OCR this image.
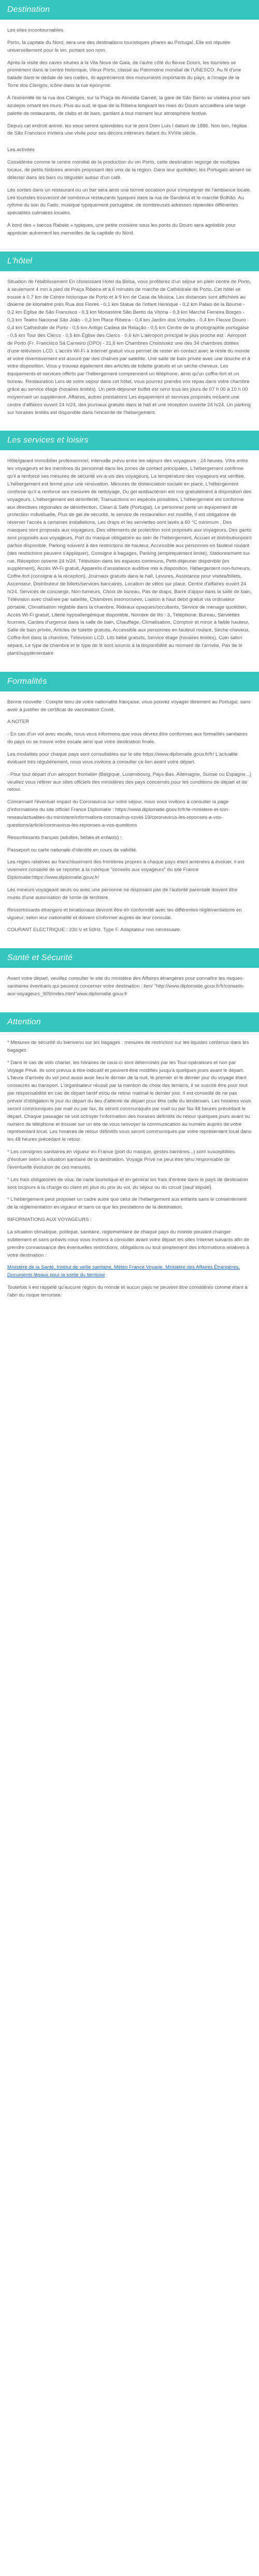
Destination

Les sites incontournables

Porto, la capitale du Nord, sera une des destinations touristiques phares au Portugal. Elle est réputée universellement pour le vin, portant son nom.

Après la visite des caves situées à la Vila Nova de Gaia, de l'autre côté du fleuve Douro, les touristes se promènent dans le centre historique, Vieux Porto, classé au Patrimoine mondial de l'UNESCO. Au fil d'une balade dans le dédale de ses ruelles, ils apprécieront des monuments importants du pays, à l'image de la Torre dos Clérigos, icône dans la rue éponyme.

À l'extrémité de la rua dos Clérigos, sur la Praça de Almeida Garrett, la gare de São Bento se visitera pour ses azulejos ornant les murs. Plus au sud, le quai de la Ribeira longeant les rives du Douro accueillera une large palette de restaurants, de clubs et de bars, gardant à tout moment leur atmosphère festive.

Depuis cet endroit animé, les vous seront splendides sur le pont Dom Luís I datant de 1886. Non loin, l'église de São Francisco invitera une visite pour ses décors intérieurs datant du XVIIIe siècle.

Les activités

Considérée comme le centre mondial de la production du vin Porto, cette destination regorge de multiples locaux, de petits histoires animés proposant des vins de la région. Dans leur quotidien, les Portugais aiment se délecter dans les bars ou déguster autour d'un café.

Les sorties dans un restaurant ou un bar sera ainsi une bonne occasion pour s'imprégner de l'ambiance locale. Les touristes trouveront de nombreux restaurants typiques dans la rua de Sandeira et le marché Bolhão. Au rythme du son du Fado, musique typiquement portugaise, de nombreuses adresses répandes différentes spécialités culinaires locales.

À bord des « barcos Rabelo » typiques, une petite croisière sous les ponts du Douro sera agréable pour apprécier autrement les merveilles de la capitale du Nord.

L'hôtel

Situation de l'établissement En choisissant Hotel da Bolsa, vous profiterez d'un séjour en plein centre de Porto, à seulement 4 min à pied de Praça Ribeira et à 6 minutes de marche de Cathédrale de Porto. Cet hôtel se trouve à 0,7 km de Centre historique de Porto et à 9 km de Casa da Musica. Les distances sont affichées au dixième de kilomètre près Rua dos Flores - 0,1 km Statue de l'infant Henrique - 0,2 km Palais de la Bourse - 0,2 km Église de São Francisco - 0,3 km Monastère São Bento da Vitória - 0,3 km Marché Ferreira Borges - 0,3 km Teatro Nacional São João - 0,3 km Place Ribeira - 0,4 km Jardim dos Virtudes - 0,4 km Fleuve Douro - 0,4 km Cathédrale de Porto - 0,5 km Antigo Cadeia da Relação - 0,5 km Centre de la photographie portugaise - 0,5 km Tour des Clercs - 0,5 km Église des Clercs - 0,6 km L'aéroport principal le plus proche est : Aéroport de Porto (Fr. Francisco Sá Carneiro (OPO) - 21,6 km Chambres Choisissez une des 34 chambres dotées d'une télévision LCD. L'accès Wi-Fi à Internet gratuit vous permet de rester en contact avec le reste du monde et votre divertissement est assuré par des chaînes par satellite. Une salle de bain privée avec une douche et à votre disposition. Vous y trouvez également des articles de toilette gratuits et un sèche-cheveux. Les équipements et services offerts par l'hébergement comprennent un téléphone, ainsi qu'un coffre-fort et un bureau. Restauration Lors de votre séjour dans cet hôtel, vous pourrez prendre vos repas dans votre chambre grâce au service étage (horaires limités). Un petit-déjeuner buffet est servi tous les jours de 07 h 00 à 10 h 00 moyennant un supplément. Affaires, autres prestations Les équipement et services proposés incluent une centre d'affaires ouvert 24 h/24, des journaux gratuits dans le hall et une réception ouverte 24 h/24. Un parking sur horaires limités est disponible dans l'enceinte de l'hébergement.

Les services et loisirs

Hôte/garant immobilier professionnel, intervalle prévu entre les séjours des voyageurs : 24 heures. Vitre entre les voyageurs et les membres du personnel dans les zones de contact principales, L'hébergement confirme qu'il a renforcé ses mesures de sécurité vis-à-vis des voyageurs, La température des voyageurs est vérifiée, L'hébergement est fermé pour une rénovation. Mesures de distanciation sociale en place, L'hébergement confirme qu'il a renforcé ses mesures de nettoyage, Du gel antibactérien est mis gratuitement à disposition des voyageurs, L'hébergement est désinfecté, Transactions en espèces possibles, L'hébergement est conforme aux directives régionales de désinfection, Clean & Safe (Portugal), Le personnel porte un équipement de protection individuelle, Plus de gel de sécurité, le service de restauration est modifié, Il est obligatoire de réserver l'accès à certaines installations, Les draps et les serviettes sont lavés à 60 °C minimum , Des masques sont proposés aux voyageurs, Des vêtements de protection sont proposés aux voyageurs, Des gants sont proposés aux voyageurs, Port du masque obligatoire au sein de l'hébergement, Accueil et distributionpoint parfois disponible, Parking souvent à des restrictions de hauteur, Accessible aux personnes en fauteuil roulant (des restrictions peuvent s'appliquer), Consigne à bagages, Parking (empiriquement limité), Stationnement sur rue, Réception ouverte 24 h/24, Télévision dans les espaces communs, Petit-déjeuner disponible (en supplément), Accès Wi-Fi gratuit, Appareils d'assistance auditive mis à disposition, Hébergement non-fumeurs, Coffre-fort (consigne à la réception), Journaux gratuits dans le hall, Levures, Assistance pour visites/billets, Ascenseur, Distributeur de billets/services bancaires, Location de vélos sur place, Centre d'affaires ouvert 24 h/24, Services de concierge, Non-fumeurs, Choix de bureau, Pas de draps, Barre d'appui dans la salle de bain, Télévision avec chaînes par satellite, Chambres insonorisées, Liaison à haut débit gratuit via ordinateur portable, Climatisation réglable dans la chambre, Rideaux opaques/occultants, Service de ménage quotidien, Accès Wi-Fi gratuit, Literie hypoallergénique disponible, Nombre de lits : 3, Téléphone, Bureau, Serviettes fournies, Cardes d'urgence dans la salle de bain, Chauffage, Climatisation, Comptoir et miroir à faible hauteur, Salle de bain privée, Articles de toilette gratuits, Accessible aux personnes en fauteuil roulant, Sèche-cheveux, Coffre-fort dans la chambre, Télévision LCD, Lits bébé gratuits, Service étage (horaires limités), Coin salon séparé, Le type de chambre et le type de lit sont soumis à la disponibilité au moment de l'arrivée, Pas de lit plant/supplémentaire

Formalités

Bonne nouvelle : Compte tenu de votre nationalité française, vous pouvez voyager librement au Portugal, sans avoir à justifier de certificat de vaccination Covid.

A NOTER

- En cas d'un vol avec escale, nous vous informons que vous devrez être conformes aux formalités sanitaires du pays où se trouve votre escale ainsi que votre destination finale.

Les modalités pour chaque pays sont consultables sur le site https://www.diplomatie.gouv.fr/fr/ L'actualité évoluant très régulièrement, nous vous invitons à consulter ce lien avant votre départ.

- Pour tout départ d'un aéroport frontalier (Belgique, Luxembourg, Pays-Bas, Allemagne, Suisse ou Espagne...) veuillez vous référer aux sites officiels des ministères des pays concernés pour les conditions de départ et de retour.

Concernant l'éventuel impact du Coronavirus sur votre séjour, nous vous invitons à consulter la page d'informations du site officiel France Diplomatie : https://www.diplomatie.gouv.fr/fr/le-ministere-et-son-reseau/actualites-du-ministere/informations-coronavirus-covid-19/coronavirus-les-reponses-a-vos-questions/article/coronavirus-les-reponses-a-vos-questions

Ressortissants français (adultes, bébés et enfants) :

Passeport ou carte nationale d'identité en cours de validité.

Les règles relatives au franchissement des frontières propres à chaque pays étant amenées à évoluer, il est vivement conseillé de se reporter à la rubrique "conseils aux voyageurs" du site France Diplomatie:https://www.diplomatie.gouv.fr/

Les mineurs voyageant seuls ou avec une personne ne disposant pas de l'autorité parentale doivent être munis d'une autorisation de sortie de territoire.

Ressortissants étrangers et binationaux devront être en conformité avec les différentes réglementations en vigueur, selon leur nationalité et doivent s'informer auprès de leur consulat.

COURANT ELECTRIQUE : 230 V et 50Hz. Type F. Adaptateur non nécessaire.

Santé et Sécurité

Avant votre départ, veuillez consulter le site du ministère des Affaires étrangères pour connaître les risques sanitaires éventuels qui peuvent concerner votre destination : lien/ "http://www.diplomatie.gouv.fr/fr/conseils-aux-voyageurs_909/index.html"www.diplomatie.gouv.fr

Attention

* Mesures de sécurité du bienvenu sur les bagages : mesures de restriction sur les liquides contenus dans les bagages

* Dans le cas de vols charter, les horaires de ceux-ci sont déterminés par les Tour-opérateurs et non par Voyage Privé. Ils sont prévus à titre indicatif et peuvent être modifiés jusqu'à quelques jours avant le départ. L'heure d'arrivée du vol peut aussi avoir lieu le dernier de la nuit, le premier et le dernier jour du voyage étant consacrés au transport. L'organisateur réussit par la mention de choix des terrains, il se suscité être pour tout par responsabilité en cas de départ tardif et/ou de retour matinal le dernier jour. Il est conseillé de ne pas prévoir d'obligation le jour du départ du lieu d'attente de départ pour être celle du lendemain. Les horaires vous seront communiqués par mail ou par fax, ils seront communiqués par mail ou par fax 48 heures précédant le départ. Chaque passager se voit octroyer l'information des horaires définitifs du retour quelques jours avant ou numéro de téléphone et trouver sur un site de vous renvoyer la communication au numéro auprès de votre représentant local. Les horaires de retour définitifs vous seront communiqués par votre représentant local dans les 48 heures précédant le retour.

* Les consignes sanitaires en vigueur en France (port du masque, gestes barrières...) sont susceptibles d'évoluer selon la situation sanitaire de la destination. Voyage Privé ne peut être tenu responsable de l'éventuelle évolution de ces mesures.

* Les frais obligatoires de visa, de carte touristique et en général les frais d'entrée dans le pays de destination sont toujours à la charge du client en plus du prix du vol, du séjour ou du circuit (sauf stipulé).

* L'hébergement peut proposer un cadre autre que celui de l'hébergement aux enfants sans le consentement de la réglementation en vigueur et sans ce que les prestations de la destination.

INFORMATIONS AUX VOYAGEURS :

La situation climatique, politique, sanitaire, réglementaire de chaque pays du monde pouvant changer subitement et sans préavis nous vous invitons à consulter avant votre départ les sites Internet suivants afin de prendre connaissance des éventuelles restrictions, obligations ou tout simplement des informations relatives à votre destination :

Ministère de la Santé, Institut de veille sanitaire, Météo France Voyage, Ministère des Affaires Étrangères, Documents légaux pour la sortie du territoire

Toutefois il est rappelé qu'aucune région du monde et aucun pays ne peuvent être considérés comme étant à l'abri du risque terroriste.
